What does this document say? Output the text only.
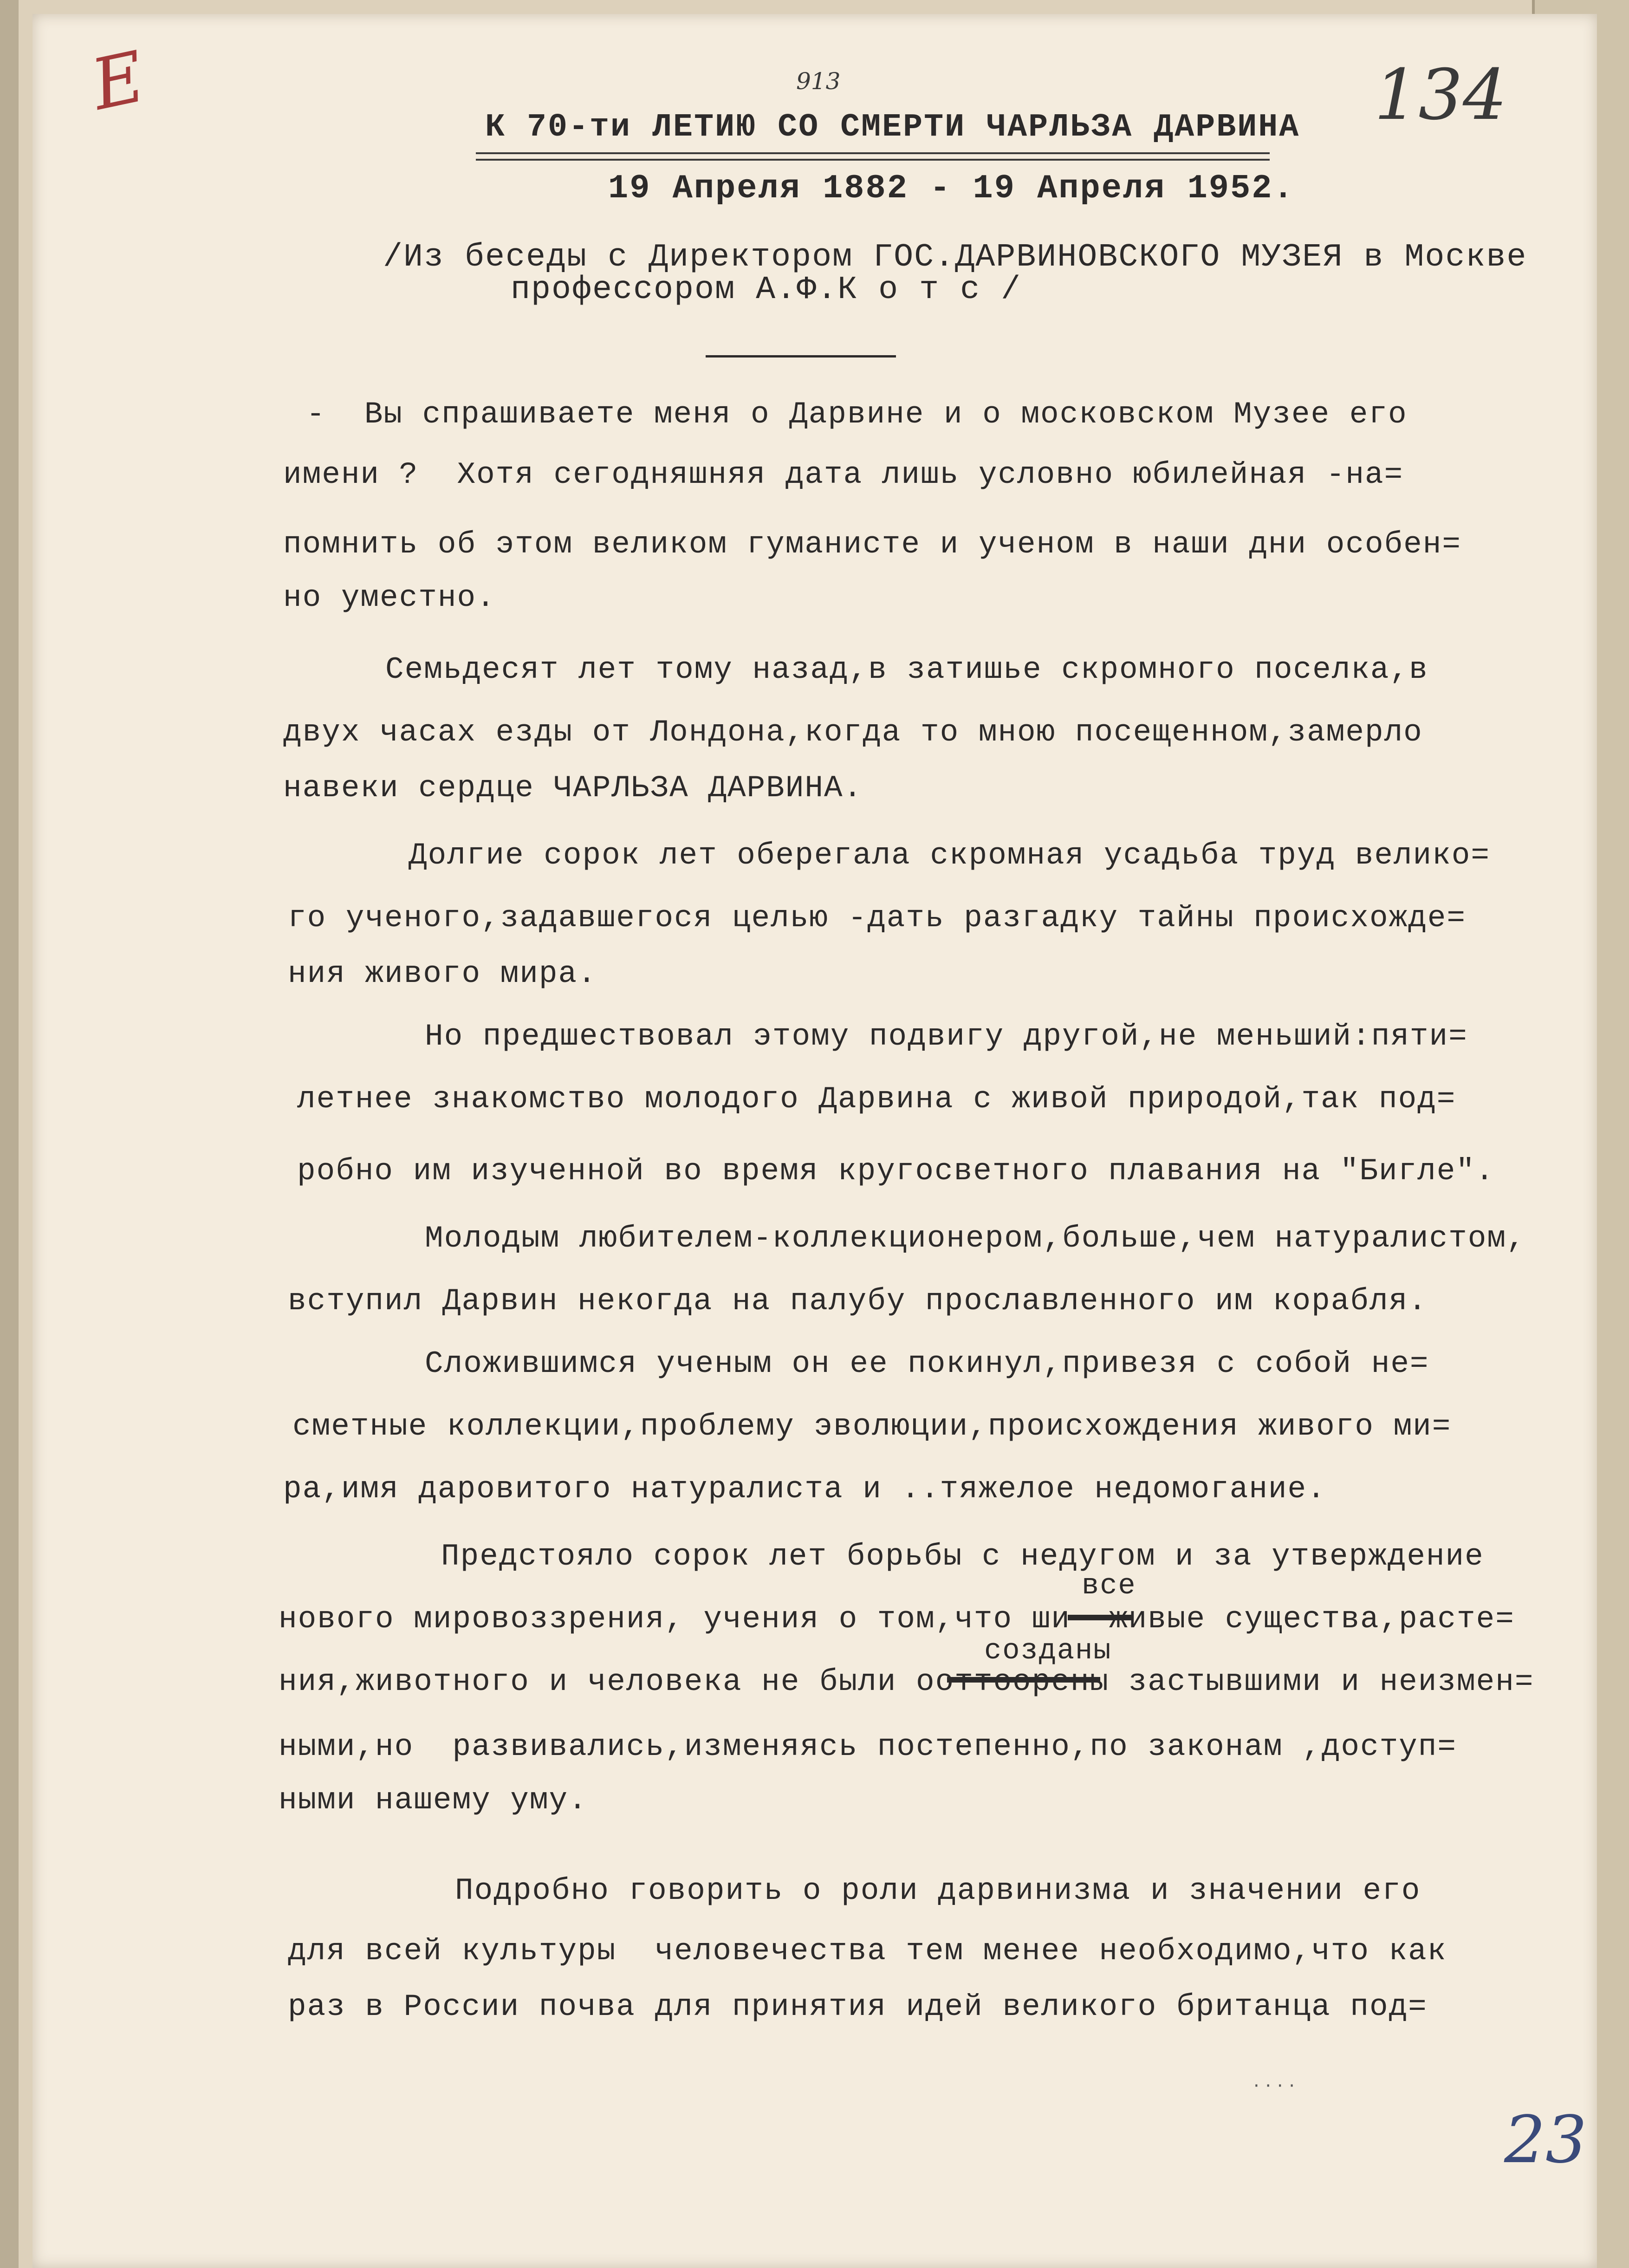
E	134
913
23
· · · ·
К 70-ти ЛЕТИЮ СО СМЕРТИ ЧАРЛЬЗА ДАРВИНА
19 Апреля 1882 - 19 Апреля 1952.
/Из беседы с Директором ГОС.ДАРВИНОВСКОГО МУЗЕЯ в Москве
профессором А.Ф.К о т с /
-  Вы спрашиваете меня о Дарвине и о московском Музее его
имени ?  Хотя сегодняшняя дата лишь условно юбилейная -на=
помнить об этом великом гуманисте и ученом в наши дни особен=
но уместно.
Семьдесят лет тому назад,в затишье скромного поселка,в
двух часах езды от Лондона,когда то мною посещенном,замерло
навеки сердце ЧАРЛЬЗА ДАРВИНА.
Долгие сорок лет оберегала скромная усадьба труд велико=
го ученого,задавшегося целью -дать разгадку тайны происхожде=
ния живого мира.
Но предшествовал этому подвигу другой,не меньший:пяти=
летнее знакомство молодого Дарвина с живой природой,так под=
робно им изученной во время кругосветного плавания на "Бигле".
Молодым любителем-коллекционером,больше,чем натуралистом,
вступил Дарвин некогда на палубу прославленного им корабля.
Сложившимся ученым он ее покинул,привезя с собой не=
сметные коллекции,проблему эволюции,происхождения живого ми=
ра,имя даровитого натуралиста и ..тяжелое недомогание.
Предстояло сорок лет борьбы с недугом и за утверждение
все
нового мировоззрения, учения о том,что ши  живые существа,расте=
созданы
ния,животного и человека не были ооттоорены застывшими и неизмен=
ными,но  развивались,изменяясь постепенно,по законам ,доступ=
ными нашему уму.
Подробно говорить о роли дарвинизма и значении его
для всей культуры  человечества тем менее необходимо,что как
раз в России почва для принятия идей великого британца под=
